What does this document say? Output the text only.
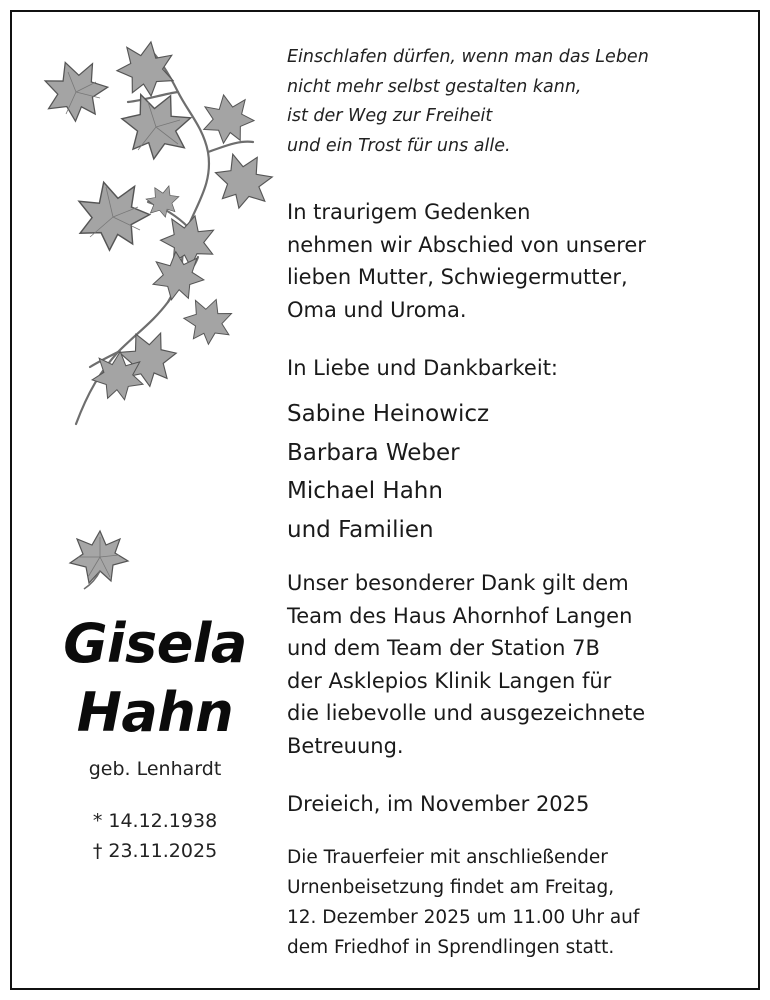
Gisela
Hahn
geb. Lenhardt
* 14.12.1938
† 23.11.2025
Einschlafen dürfen, wenn man das Leben
nicht mehr selbst gestalten kann,
ist der Weg zur Freiheit
und ein Trost für uns alle.
In traurigem Gedenken
nehmen wir Abschied von unserer
lieben Mutter, Schwiegermutter,
Oma und Uroma.
In Liebe und Dankbarkeit:
Sabine Heinowicz
Barbara Weber
Michael Hahn
und Familien
Unser besonderer Dank gilt dem
Team des Haus Ahornhof Langen
und dem Team der Station 7B
der Asklepios Klinik Langen für
die liebevolle und ausgezeichnete
Betreuung.
Dreieich, im November 2025
Die Trauerfeier mit anschließender
Urnenbeisetzung findet am Freitag,
12. Dezember 2025 um 11.00 Uhr auf
dem Friedhof in Sprendlingen statt.
